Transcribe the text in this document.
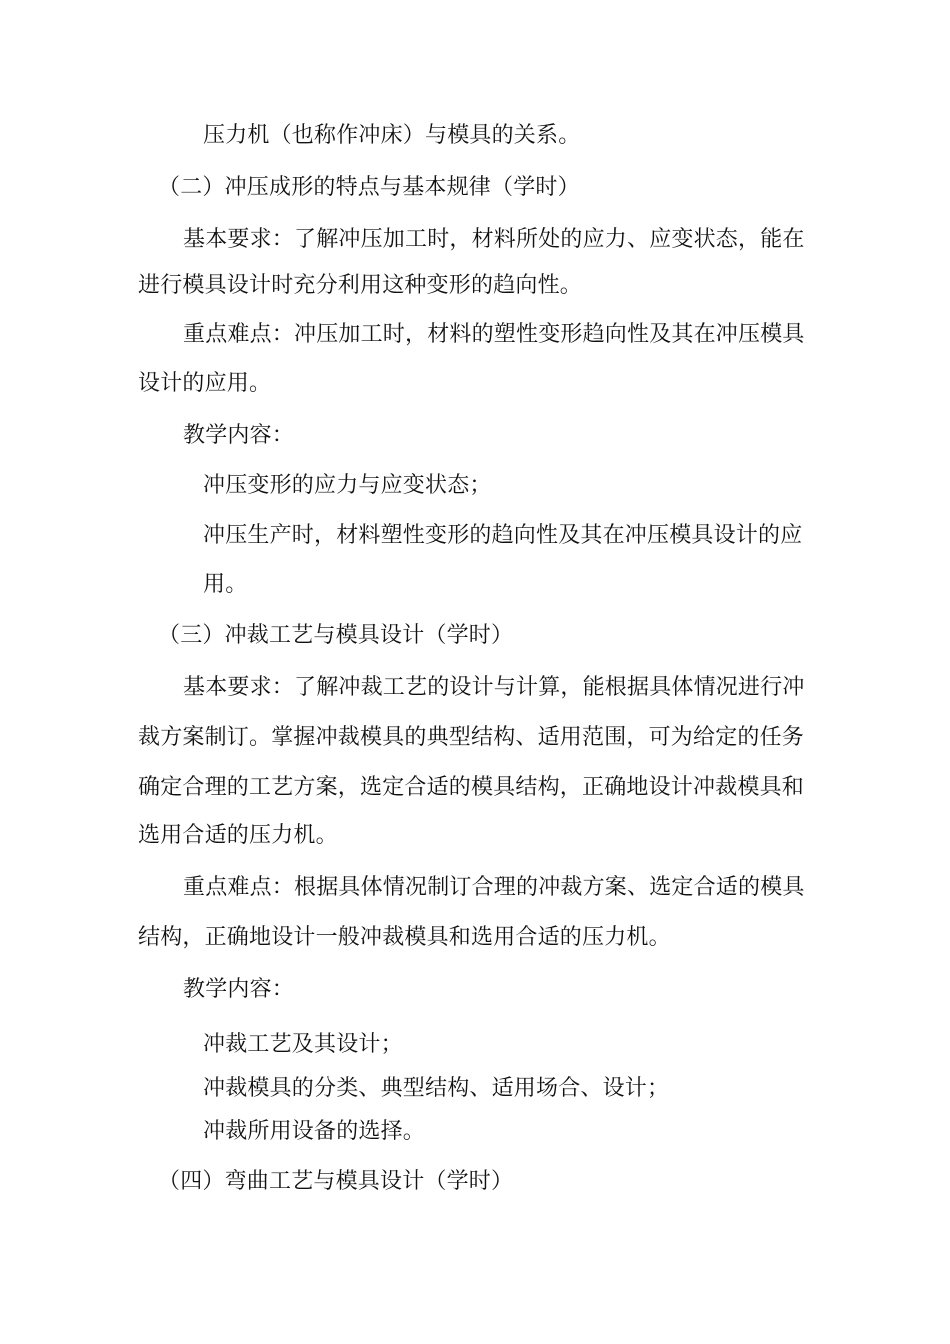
压力机（也称作冲床）与模具的关系。
（二）冲压成形的特点与基本规律（学时）
基本要求：了解冲压加工时，材料所处的应力、应变状态，能在
进行模具设计时充分利用这种变形的趋向性。
重点难点：冲压加工时，材料的塑性变形趋向性及其在冲压模具
设计的应用。
教学内容：
冲压变形的应力与应变状态；
冲压生产时，材料塑性变形的趋向性及其在冲压模具设计的应
用。
（三）冲裁工艺与模具设计（学时）
基本要求：了解冲裁工艺的设计与计算，能根据具体情况进行冲
裁方案制订。掌握冲裁模具的典型结构、适用范围，可为给定的任务
确定合理的工艺方案，选定合适的模具结构，正确地设计冲裁模具和
选用合适的压力机。
重点难点：根据具体情况制订合理的冲裁方案、选定合适的模具
结构，正确地设计一般冲裁模具和选用合适的压力机。
教学内容：
冲裁工艺及其设计；
冲裁模具的分类、典型结构、适用场合、设计；
冲裁所用设备的选择。
（四）弯曲工艺与模具设计（学时）
